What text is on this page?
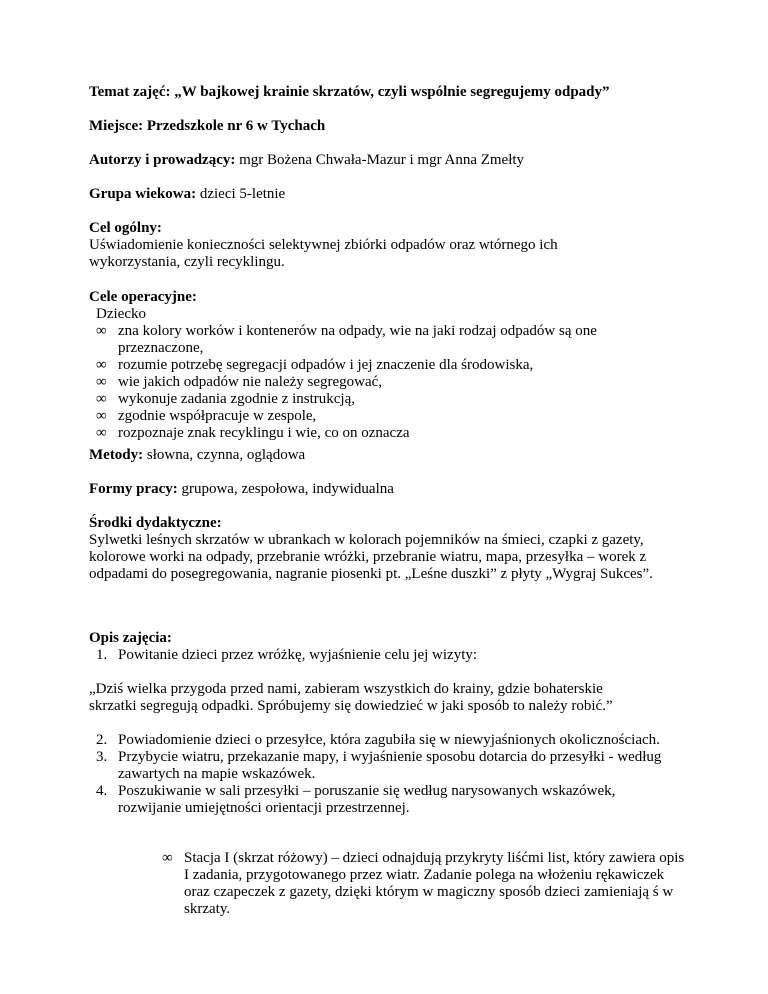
Temat zajęć: „W bajkowej krainie skrzatów, czyli wspólnie segregujemy odpady”

Miejsce: Przedszkole nr 6 w Tychach

Autorzy i prowadzący: mgr Bożena Chwała-Mazur i mgr Anna Zmełty

Grupa wiekowa: dzieci 5-letnie

Cel ogólny:

Uświadomienie konieczności selektywnej zbiórki odpadów oraz wtórnego ich wykorzystania, czyli recyklingu.

Cele operacyjne:

Dziecko

∞ zna kolory worków i kontenerów na odpady, wie na jaki rodzaj odpadów są one przeznaczone,
∞ rozumie potrzebę segregacji odpadów i jej znaczenie dla środowiska,
∞ wie jakich odpadów nie należy segregować,
∞ wykonuje zadania zgodnie z instrukcją,
∞ zgodnie współpracuje w zespole,
∞ rozpoznaje znak recyklingu i wie, co on oznacza

Metody: słowna, czynna, oglądowa

Formy pracy: grupowa, zespołowa, indywidualna

Środki dydaktyczne:

Sylwetki leśnych skrzatów w ubrankach w kolorach pojemników na śmieci, czapki z gazety, kolorowe worki na odpady, przebranie wróżki, przebranie wiatru, mapa, przesyłka – worek z odpadami do posegregowania, nagranie piosenki pt. „Leśne duszki” z płyty „Wygraj Sukces”.

Opis zajęcia:

1. Powitanie dzieci przez wróżkę, wyjaśnienie celu jej wizyty:

„Dziś wielka przygoda przed nami, zabieram wszystkich do krainy, gdzie bohaterskie skrzatki segregują odpadki. Spróbujemy się dowiedzieć w jaki sposób to należy robić.”

2. Powiadomienie dzieci o przesyłce, która zagubiła się w niewyjaśnionych okolicznościach.
3. Przybycie wiatru, przekazanie mapy, i wyjaśnienie sposobu dotarcia do przesyłki - według zawartych na mapie wskazówek.
4. Poszukiwanie w sali przesyłki – poruszanie się według narysowanych wskazówek, rozwijanie umiejętności orientacji przestrzennej.
∞ Stacja I (skrzat różowy) – dzieci odnajdują przykryty liśćmi list, który zawiera opis I zadania, przygotowanego przez wiatr. Zadanie polega na włożeniu rękawiczek oraz czapeczek z gazety, dzięki którym w magiczny sposób dzieci zamieniają ś w skrzaty.
